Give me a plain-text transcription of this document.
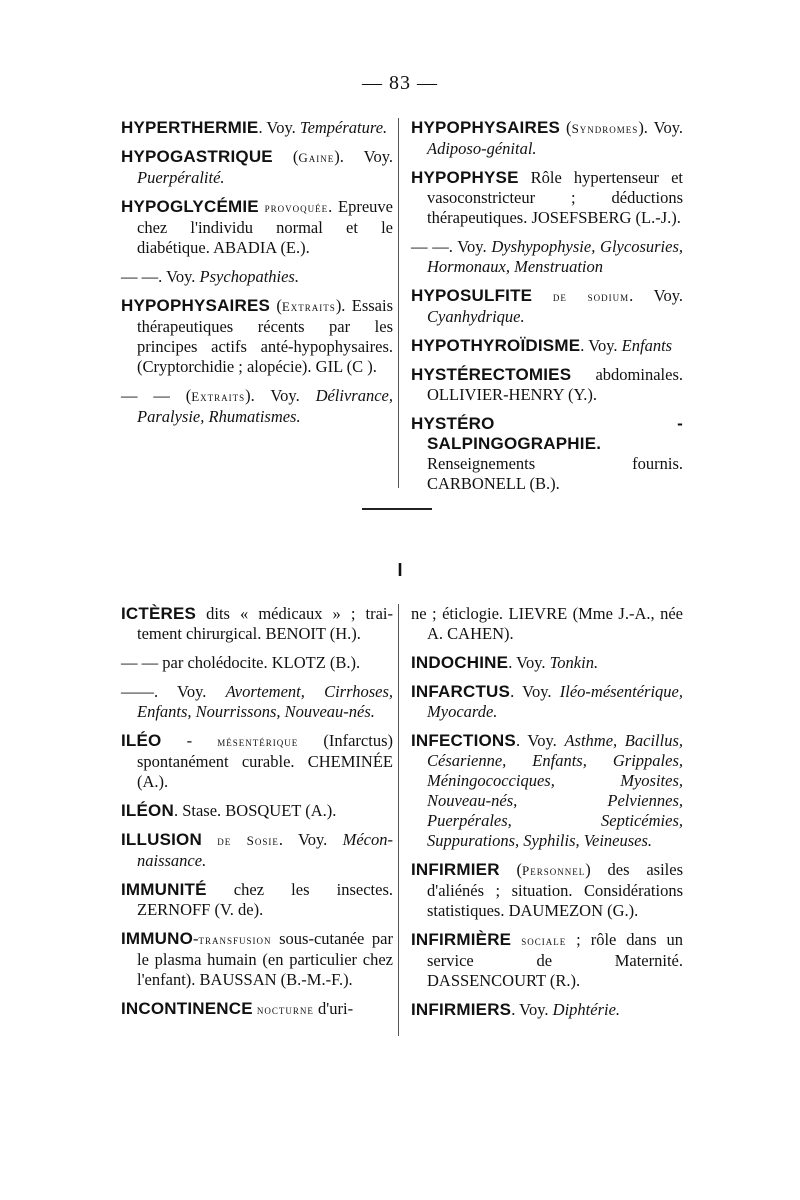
— 83 —
HYPERTHERMIE. Voy. Température.
HYPOGASTRIQUE (Gaine). Voy. Puerpéralité.
HYPOGLYCÉMIE provoquée. Epreuve chez l'individu normal et le diabétique. ABADIA (E.).
— —. Voy. Psychopathies.
HYPOPHYSAIRES (Extraits). Essais thérapeutiques récents par les principes actifs anté-hypophysaires. (Cryptorchidie ; alopécie). GIL (C ).
— — (Extraits). Voy. Délivrance, Paralysie, Rhumatismes.
HYPOPHYSAIRES (Syndromes). Voy. Adiposo-génital.
HYPOPHYSE Rôle hypertenseur et vasoconstricteur ; déductions thérapeutiques. JOSEFSBERG (L.-J.).
— —. Voy. Dyshypophysie, Glycosuries, Hormonaux, Menstruation
HYPOSULFITE de sodium. Voy. Cyanhydrique.
HYPOTHYROÏDISME. Voy. Enfants
HYSTÉRECTOMIES abdominales. OLLIVIER-HENRY (Y.).
HYSTÉRO - SALPINGOGRAPHIE. Renseignements fournis. CARBONELL (B.).
I
ICTÈRES dits « médicaux » ; traitement chirurgical. BENOIT (H.).
— — par cholédocite. KLOTZ (B.).
——. Voy. Avortement, Cirrhoses, Enfants, Nourrissons, Nouveau-nés.
ILÉO - mésentérique (Infarctus) spontanément curable. CHEMINÉE (A.).
ILÉON. Stase. BOSQUET (A.).
ILLUSION de Sosie. Voy. Méconnaissance.
IMMUNITÉ chez les insectes. ZERNOFF (V. de).
IMMUNO-transfusion sous-cutanée par le plasma humain (en particulier chez l'enfant). BAUSSAN (B.-M.-F.).
INCONTINENCE nocturne d'uri-
ne ; éticlogie. LIEVRE (Mme J.-A., née A. CAHEN).
INDOCHINE. Voy. Tonkin.
INFARCTUS. Voy. Iléo-mésentérique, Myocarde.
INFECTIONS. Voy. Asthme, Bacillus, Césarienne, Enfants, Grippales, Méningococciques, Myosites, Nouveau-nés, Pelviennes, Puerpérales, Septicémies, Suppurations, Syphilis, Veineuses.
INFIRMIER (Personnel) des asiles d'aliénés ; situation. Considérations statistiques. DAUMEZON (G.).
INFIRMIÈRE sociale ; rôle dans un service de Maternité. DASSENCOURT (R.).
INFIRMIERS. Voy. Diphtérie.
